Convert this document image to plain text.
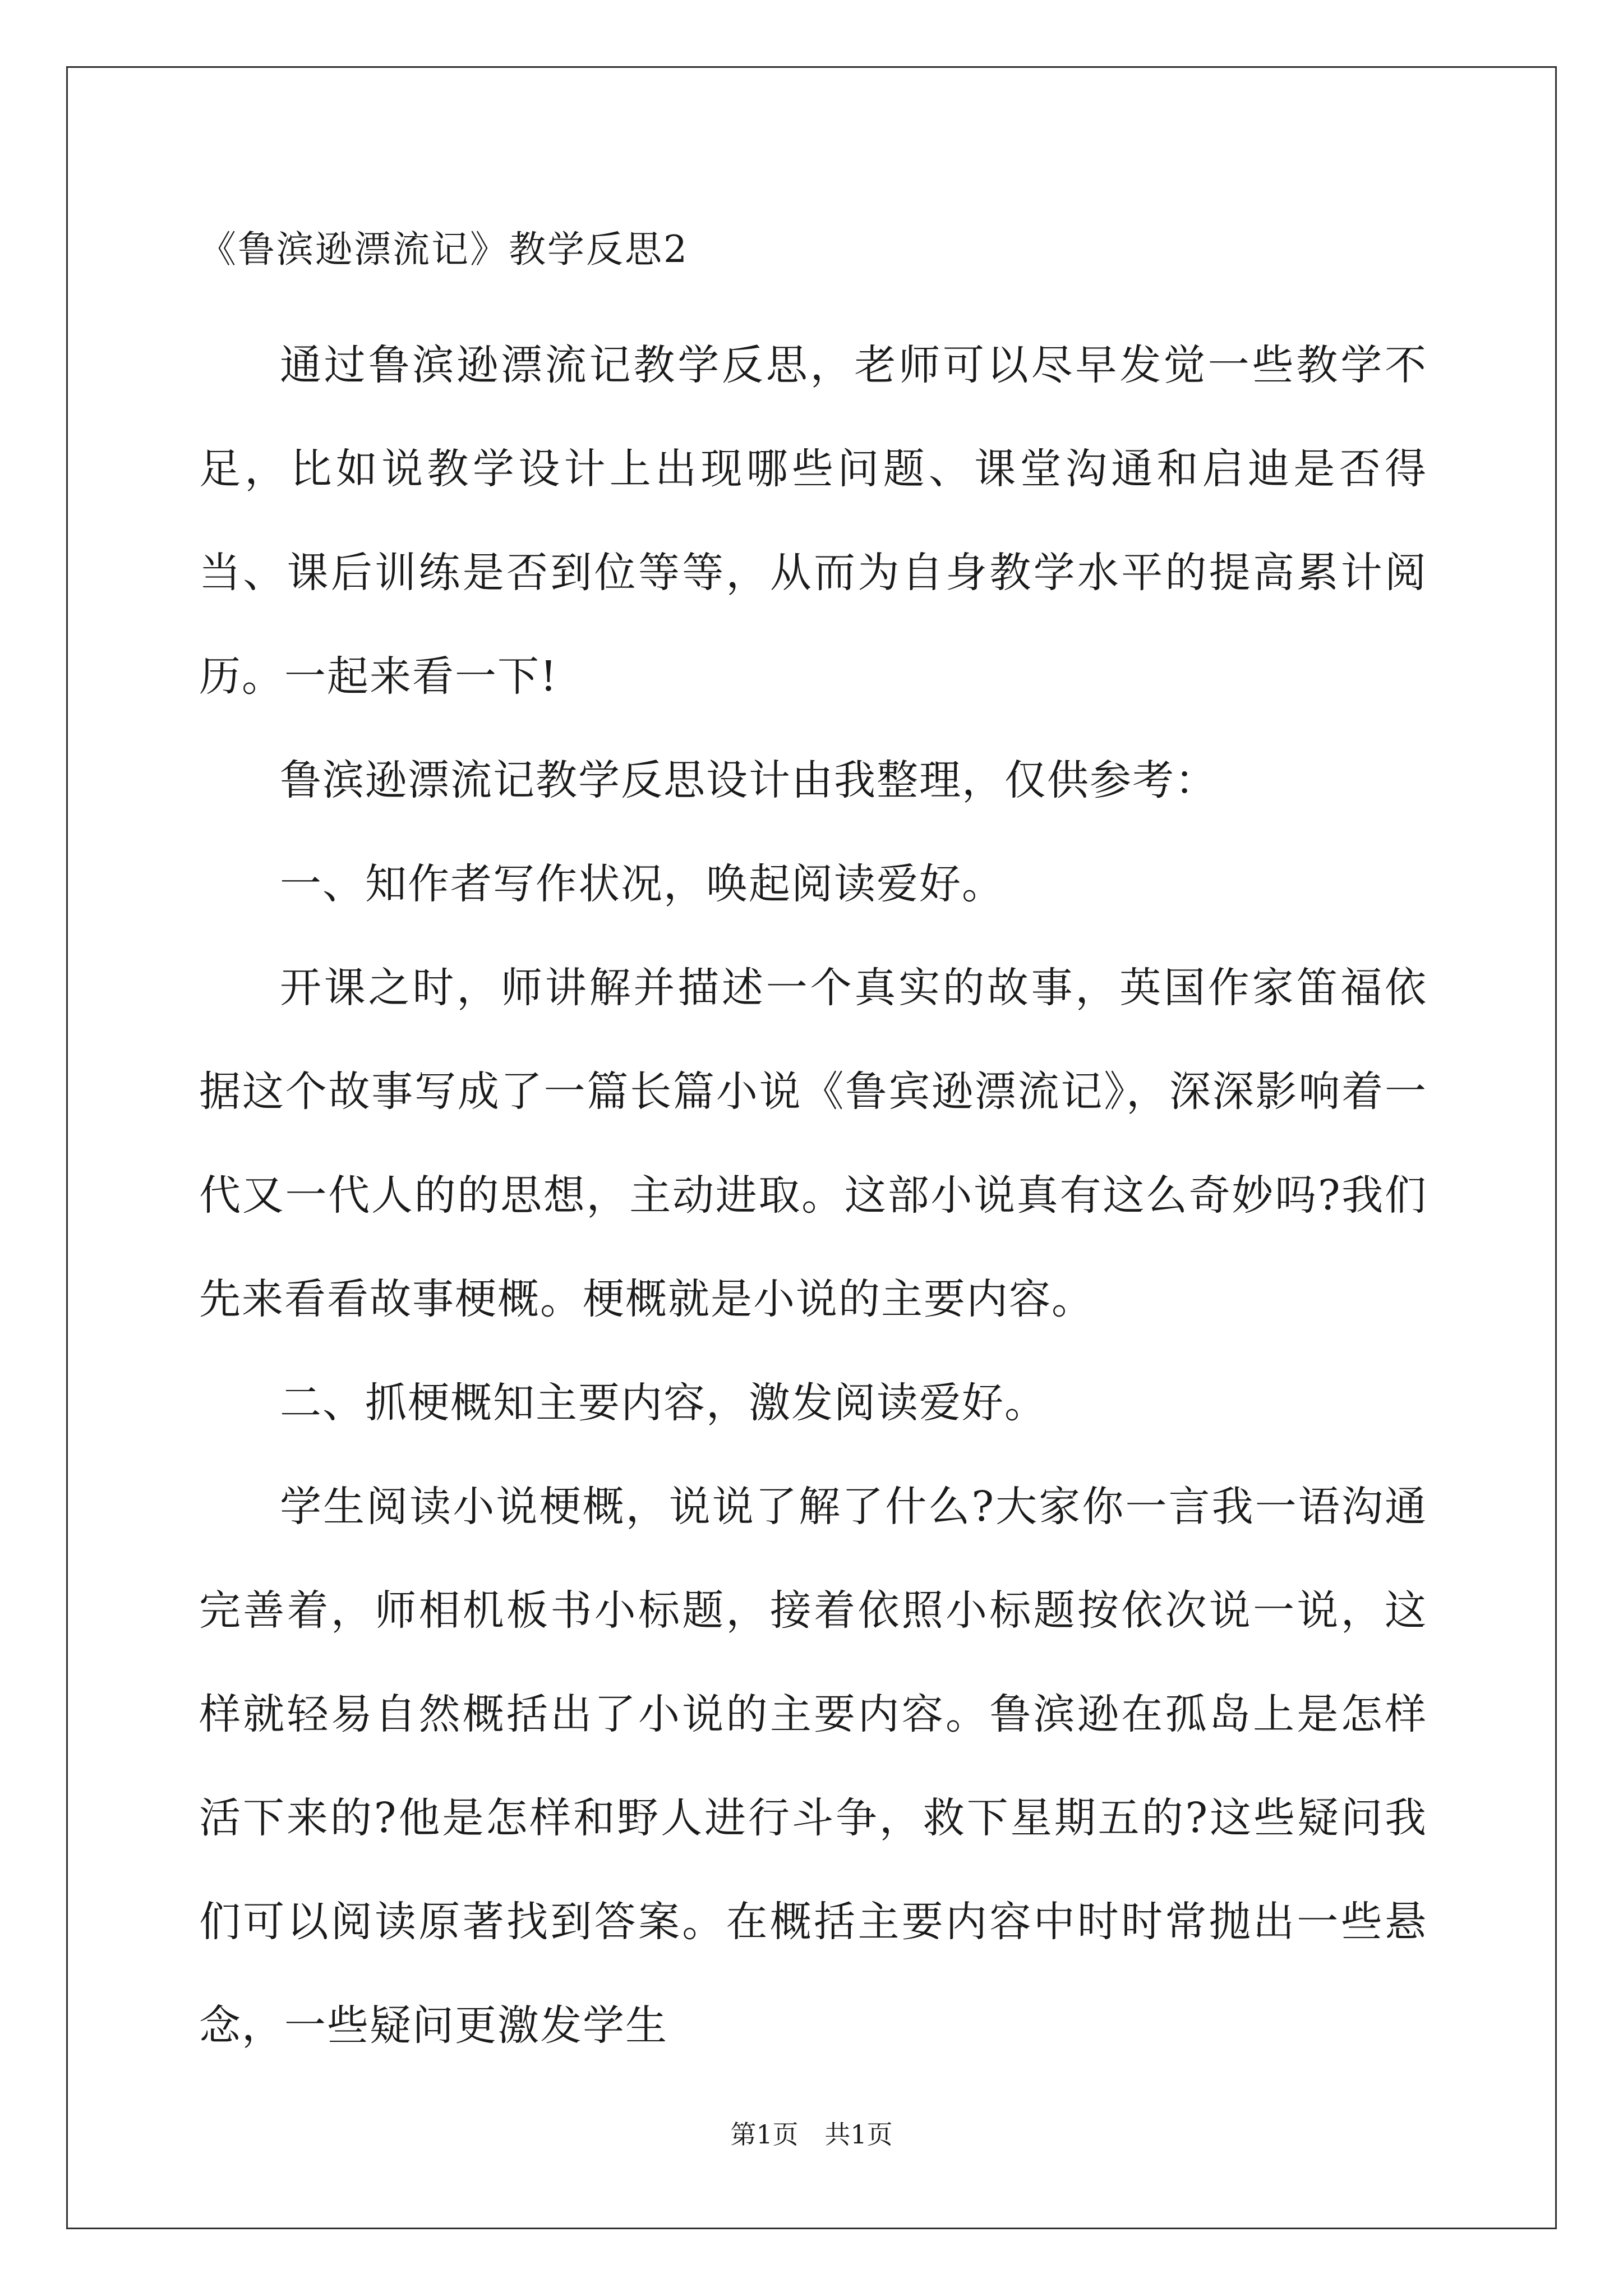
《鲁滨逊漂流记》教学反思2

通过鲁滨逊漂流记教学反思，老师可以尽早发觉一些教学不足，比如说教学设计上出现哪些问题、课堂沟通和启迪是否得当、课后训练是否到位等等，从而为自身教学水平的提高累计阅历。一起来看一下!

鲁滨逊漂流记教学反思设计由我整理，仅供参考：

一、知作者写作状况，唤起阅读爱好。

开课之时，师讲解并描述一个真实的故事，英国作家笛福依据这个故事写成了一篇长篇小说《鲁宾逊漂流记》，深深影响着一代又一代人的的思想，主动进取。这部小说真有这么奇妙吗?我们先来看看故事梗概。梗概就是小说的主要内容。

二、抓梗概知主要内容，激发阅读爱好。

学生阅读小说梗概，说说了解了什么?大家你一言我一语沟通完善着，师相机板书小标题，接着依照小标题按依次说一说，这样就轻易自然概括出了小说的主要内容。鲁滨逊在孤岛上是怎样活下来的?他是怎样和野人进行斗争，救下星期五的?这些疑问我们可以阅读原著找到答案。在概括主要内容中时时常抛出一些悬念，一些疑问更激发学生

第1页 共1页
